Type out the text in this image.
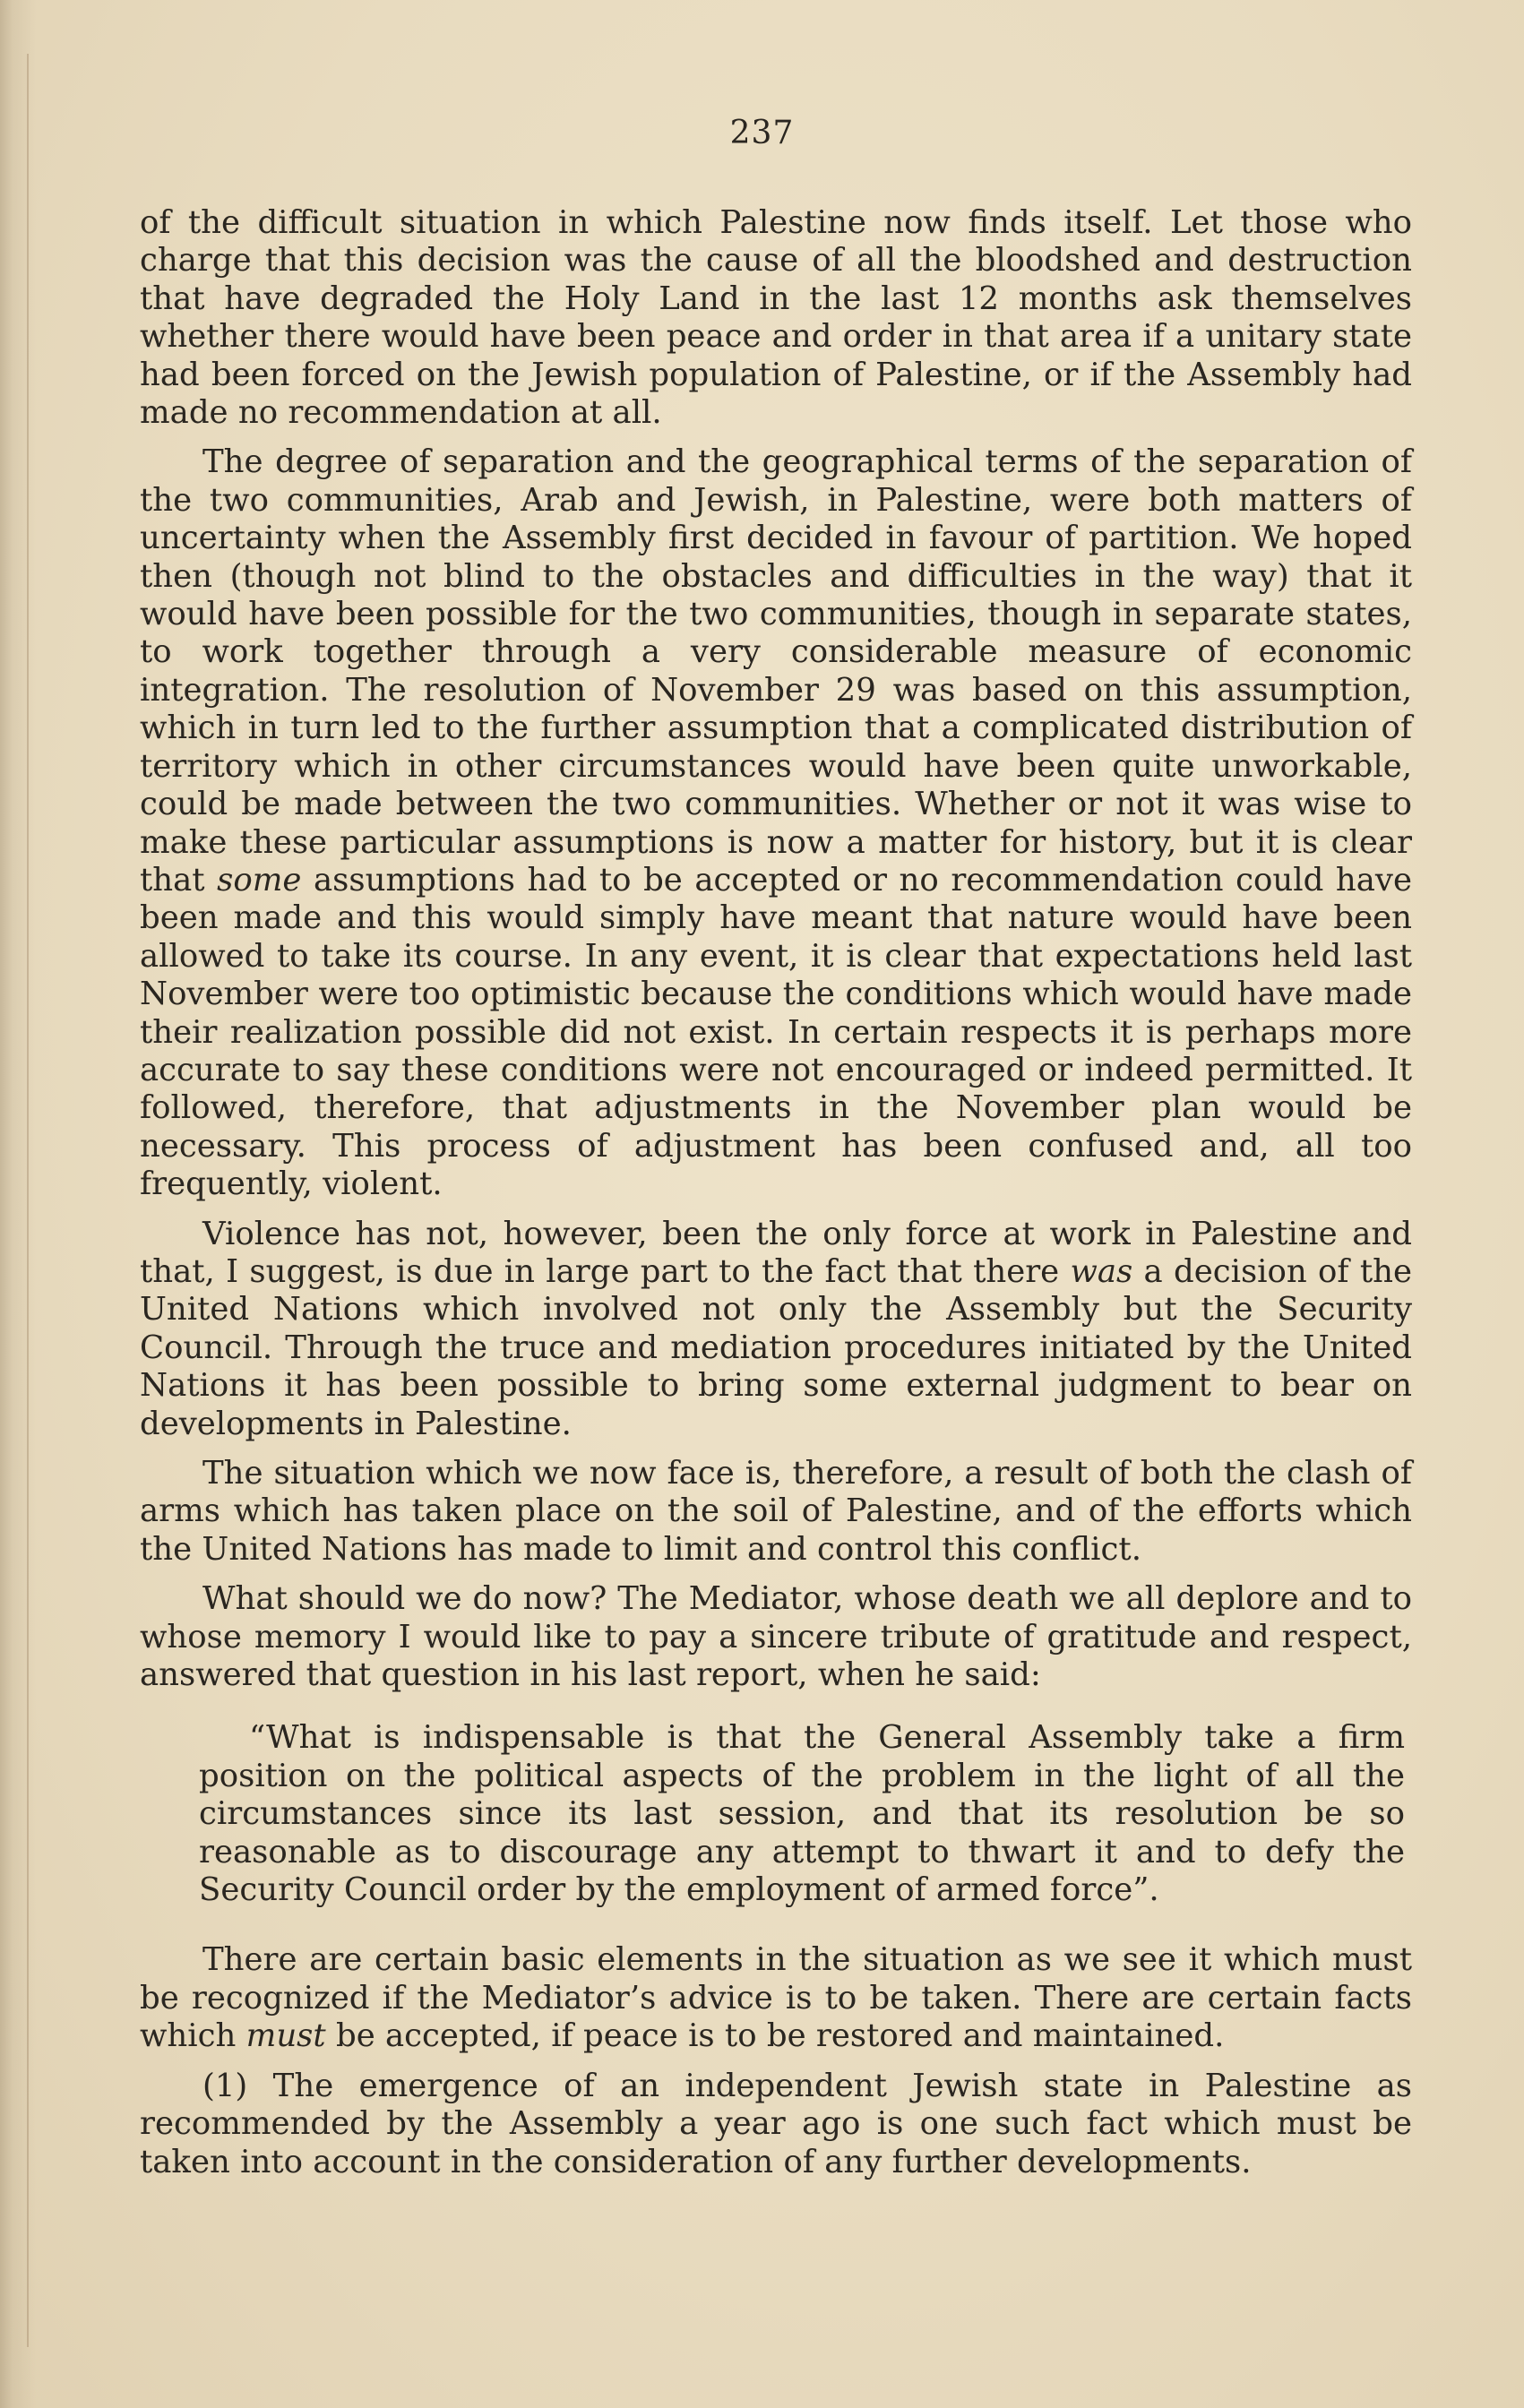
237

of the difficult situation in which Palestine now finds itself. Let those who charge that this decision was the cause of all the bloodshed and destruction that have degraded the Holy Land in the last 12 months ask themselves whether there would have been peace and order in that area if a unitary state had been forced on the Jewish population of Palestine, or if the Assembly had made no recommendation at all.

The degree of separation and the geographical terms of the separation of the two communities, Arab and Jewish, in Palestine, were both matters of uncertainty when the Assembly first decided in favour of partition. We hoped then (though not blind to the obstacles and difficulties in the way) that it would have been possible for the two communities, though in separate states, to work together through a very considerable measure of economic integration. The resolution of November 29 was based on this assumption, which in turn led to the further assumption that a complicated distribution of territory which in other circumstances would have been quite unworkable, could be made between the two communities. Whether or not it was wise to make these particular assumptions is now a matter for history, but it is clear that some assumptions had to be accepted or no recommendation could have been made and this would simply have meant that nature would have been allowed to take its course. In any event, it is clear that expectations held last November were too optimistic because the conditions which would have made their realization possible did not exist. In certain respects it is perhaps more accurate to say these conditions were not encouraged or indeed permitted. It followed, therefore, that adjustments in the November plan would be necessary. This process of adjustment has been confused and, all too frequently, violent.

Violence has not, however, been the only force at work in Palestine and that, I suggest, is due in large part to the fact that there was a decision of the United Nations which involved not only the Assembly but the Security Council. Through the truce and mediation procedures initiated by the United Nations it has been possible to bring some external judgment to bear on developments in Palestine.

The situation which we now face is, therefore, a result of both the clash of arms which has taken place on the soil of Palestine, and of the efforts which the United Nations has made to limit and control this conflict.

What should we do now? The Mediator, whose death we all deplore and to whose memory I would like to pay a sincere tribute of gratitude and respect, answered that question in his last report, when he said:

“What is indispensable is that the General Assembly take a firm position on the political aspects of the problem in the light of all the circumstances since its last session, and that its resolution be so reasonable as to discourage any attempt to thwart it and to defy the Security Council order by the employment of armed force”.

There are certain basic elements in the situation as we see it which must be recognized if the Mediator’s advice is to be taken. There are certain facts which must be accepted, if peace is to be restored and maintained.

(1) The emergence of an independent Jewish state in Palestine as recommended by the Assembly a year ago is one such fact which must be taken into account in the consideration of any further developments.
